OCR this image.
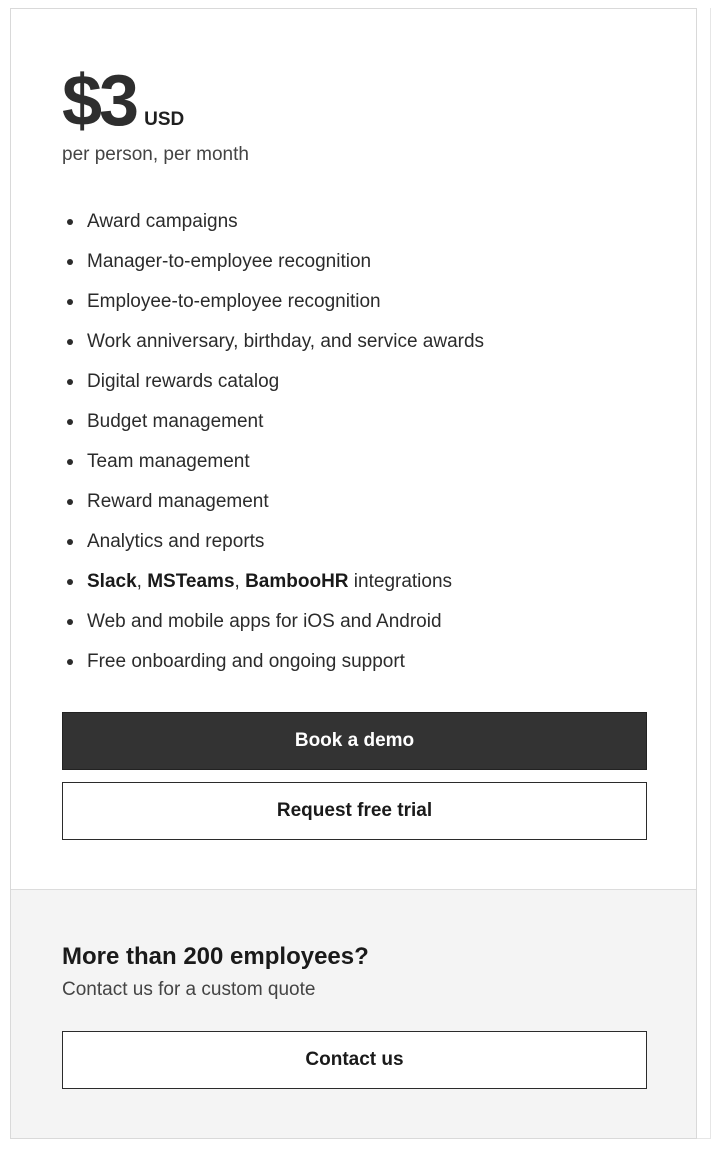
$3 USD
per person, per month
Award campaigns
Manager-to-employee recognition
Employee-to-employee recognition
Work anniversary, birthday, and service awards
Digital rewards catalog
Budget management
Team management
Reward management
Analytics and reports
Slack, MSTeams, BambooHR integrations
Web and mobile apps for iOS and Android
Free onboarding and ongoing support
Book a demo
Request free trial
More than 200 employees?
Contact us for a custom quote
Contact us
